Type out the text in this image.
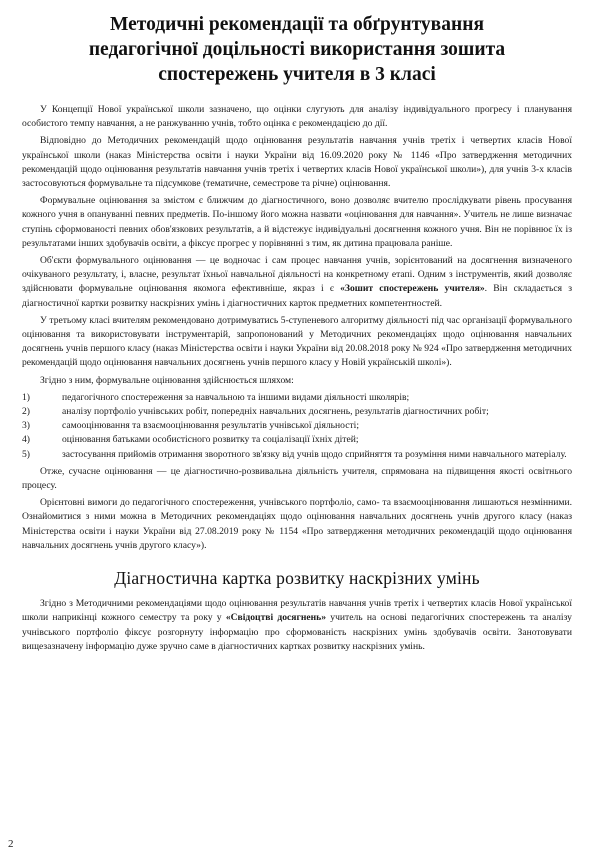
Методичні рекомендації та обґрунтування
педагогічної доцільності використання зошита
спостережень учителя в 3 класі

У Концепції Нової української школи зазначено, що оцінки слугують для аналізу індивідуального прогресу і планування особистого темпу навчання, а не ранжуванню учнів, тобто оцінка є рекомендацією до дії.

Відповідно до Методичних рекомендацій щодо оцінювання результатів навчання учнів третіх і четвертих класів Нової української школи (наказ Міністерства освіти і науки України від 16.09.2020 року № 1146 «Про затвердження методичних рекомендацій щодо оцінювання результатів навчання учнів третіх і четвертих класів Нової української школи»), для учнів 3-х класів застосовуються формувальне та підсумкове (тематичне, семестрове та річне) оцінювання.

Формувальне оцінювання за змістом є ближчим до діагностичного, воно дозволяє вчителю прослідкувати рівень просування кожного учня в опануванні певних предметів. По-іншому його можна назвати «оцінювання для навчання». Учитель не лише визначає ступінь сформованості певних обов'язкових результатів, а й відстежує індивідуальні досягнення кожного учня. Він не порівнює їх із результатами інших здобувачів освіти, а фіксує прогрес у порівнянні з тим, як дитина працювала раніше.

Об'єкти формувального оцінювання — це водночас і сам процес навчання учнів, зорієнтований на досягнення визначеного очікуваного результату, і, власне, результат їхньої навчальної діяльності на конкретному етапі. Одним з інструментів, який дозволяє здійснювати формувальне оцінювання якомога ефективніше, якраз і є «Зошит спостережень учителя». Він складається з діагностичної картки розвитку наскрізних умінь і діагностичних карток предметних компетентностей.

У третьому класі вчителям рекомендовано дотримуватись 5-ступеневого алгоритму діяльності під час організації формувального оцінювання та використовувати інструментарій, запропонований у Методичних рекомендаціях щодо оцінювання навчальних досягнень учнів першого класу (наказ Міністерства освіти і науки України від 20.08.2018 року № 924 «Про затвердження методичних рекомендацій щодо оцінювання навчальних досягнень учнів першого класу у Новій українській школі»).

Згідно з ним, формувальне оцінювання здійснюється шляхом:

1)	педагогічного спостереження за навчальною та іншими видами діяльності школярів;
2)	аналізу портфоліо учнівських робіт, попередніх навчальних досягнень, результатів діагностичних робіт;
3)	самооцінювання та взаємооцінювання результатів учнівської діяльності;
4)	оцінювання батьками особистісного розвитку та соціалізації їхніх дітей;
5)	застосування прийомів отримання зворотного зв'язку від учнів щодо сприйняття та розуміння ними навчального матеріалу.

Отже, сучасне оцінювання — це діагностично-розвивальна діяльність учителя, спрямована на підвищення якості освітнього процесу.

Орієнтовні вимоги до педагогічного спостереження, учнівського портфоліо, само- та взаємооцінювання лишаються незмінними. Ознайомитися з ними можна в Методичних рекомендаціях щодо оцінювання навчальних досягнень учнів другого класу (наказ Міністерства освіти і науки України від 27.08.2019 року № 1154 «Про затвердження методичних рекомендацій щодо оцінювання навчальних досягнень учнів другого класу»).

Діагностична картка розвитку наскрізних умінь

Згідно з Методичними рекомендаціями щодо оцінювання результатів навчання учнів третіх і четвертих класів Нової української школи наприкінці кожного семестру та року у «Свідоцтві досягнень» учитель на основі педагогічних спостережень та аналізу учнівського портфоліо фіксує розгорнуту інформацію про сформованість наскрізних умінь здобувачів освіти. Занотовувати вищезазначену інформацію дуже зручно саме в діагностичних картках розвитку наскрізних умінь.

2
